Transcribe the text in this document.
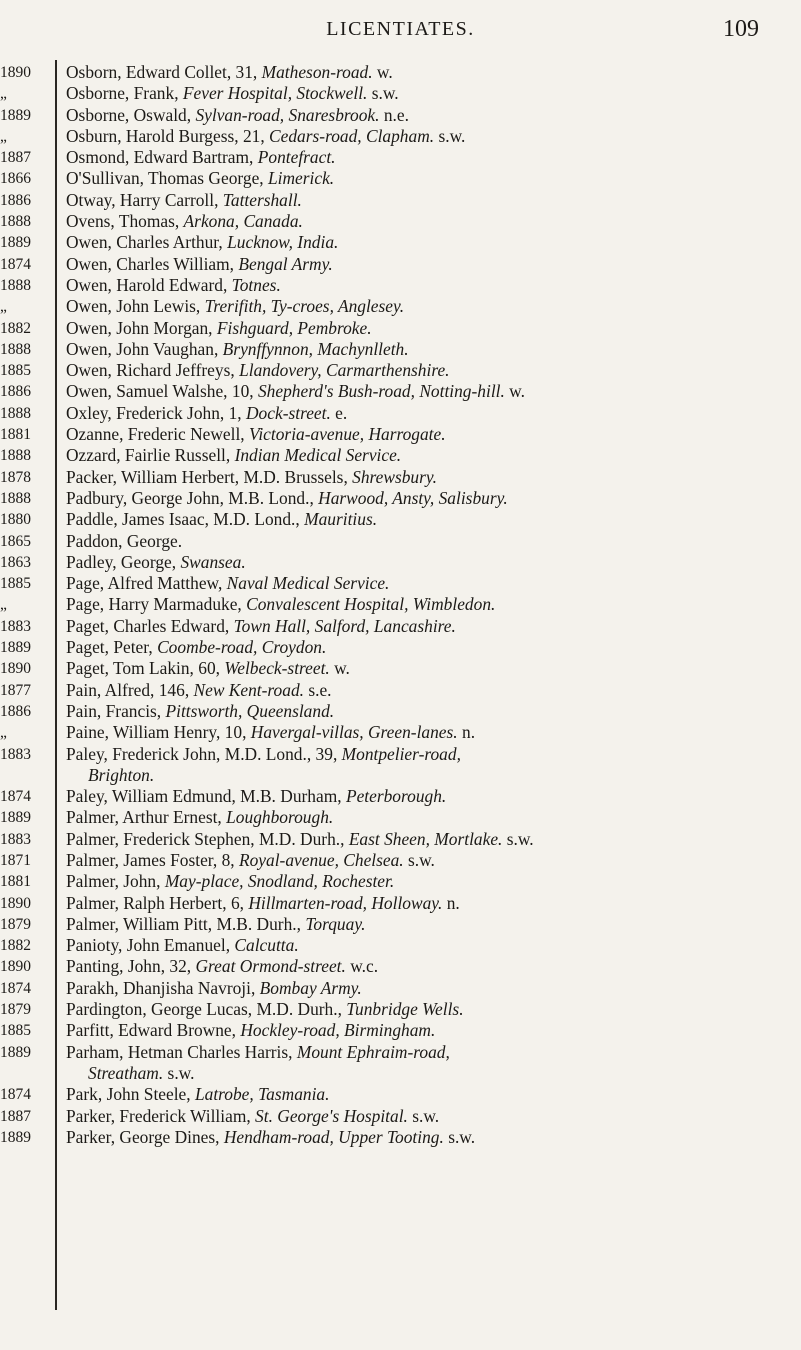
LICENTIATES.	109
1890
„
1889
„
1887
1866
1886
1888
1889
1874
1888
„
1882
1888
1885
1886
1888
1881
1888
1878
1888
1880
1865
1863
1885
„
1883
1889
1890
1877
1886
„
1883
1874
1889
1883
1871
1881
1890
1879
1882
1890
1874
1879
1885
1889
1874
1887
1889
Osborn, Edward Collet, 31, Matheson-road. w.
Osborne, Frank, Fever Hospital, Stockwell. s.w.
Osborne, Oswald, Sylvan-road, Snaresbrook. n.e.
Osburn, Harold Burgess, 21, Cedars-road, Clapham. s.w.
Osmond, Edward Bartram, Pontefract.
O'Sullivan, Thomas George, Limerick.
Otway, Harry Carroll, Tattershall.
Ovens, Thomas, Arkona, Canada.
Owen, Charles Arthur, Lucknow, India.
Owen, Charles William, Bengal Army.
Owen, Harold Edward, Totnes.
Owen, John Lewis, Trerifith, Ty-croes, Anglesey.
Owen, John Morgan, Fishguard, Pembroke.
Owen, John Vaughan, Brynffynnon, Machynlleth.
Owen, Richard Jeffreys, Llandovery, Carmarthenshire.
Owen, Samuel Walshe, 10, Shepherd's Bush-road, Notting-hill. w.
Oxley, Frederick John, 1, Dock-street. e.
Ozanne, Frederic Newell, Victoria-avenue, Harrogate.
Ozzard, Fairlie Russell, Indian Medical Service.
Packer, William Herbert, M.D. Brussels, Shrewsbury.
Padbury, George John, M.B. Lond., Harwood, Ansty, Salisbury.
Paddle, James Isaac, M.D. Lond., Mauritius.
Paddon, George.
Padley, George, Swansea.
Page, Alfred Matthew, Naval Medical Service.
Page, Harry Marmaduke, Convalescent Hospital, Wimbledon.
Paget, Charles Edward, Town Hall, Salford, Lancashire.
Paget, Peter, Coombe-road, Croydon.
Paget, Tom Lakin, 60, Welbeck-street. w.
Pain, Alfred, 146, New Kent-road. s.e.
Pain, Francis, Pittsworth, Queensland.
Paine, William Henry, 10, Havergal-villas, Green-lanes. n.
Paley, Frederick John, M.D. Lond., 39, Montpelier-road,
Brighton.
Paley, William Edmund, M.B. Durham, Peterborough.
Palmer, Arthur Ernest, Loughborough.
Palmer, Frederick Stephen, M.D. Durh., East Sheen, Mortlake. s.w.
Palmer, James Foster, 8, Royal-avenue, Chelsea. s.w.
Palmer, John, May-place, Snodland, Rochester.
Palmer, Ralph Herbert, 6, Hillmarten-road, Holloway. n.
Palmer, William Pitt, M.B. Durh., Torquay.
Panioty, John Emanuel, Calcutta.
Panting, John, 32, Great Ormond-street. w.c.
Parakh, Dhanjisha Navroji, Bombay Army.
Pardington, George Lucas, M.D. Durh., Tunbridge Wells.
Parfitt, Edward Browne, Hockley-road, Birmingham.
Parham, Hetman Charles Harris, Mount Ephraim-road,
Streatham. s.w.
Park, John Steele, Latrobe, Tasmania.
Parker, Frederick William, St. George's Hospital. s.w.
Parker, George Dines, Hendham-road, Upper Tooting. s.w.
